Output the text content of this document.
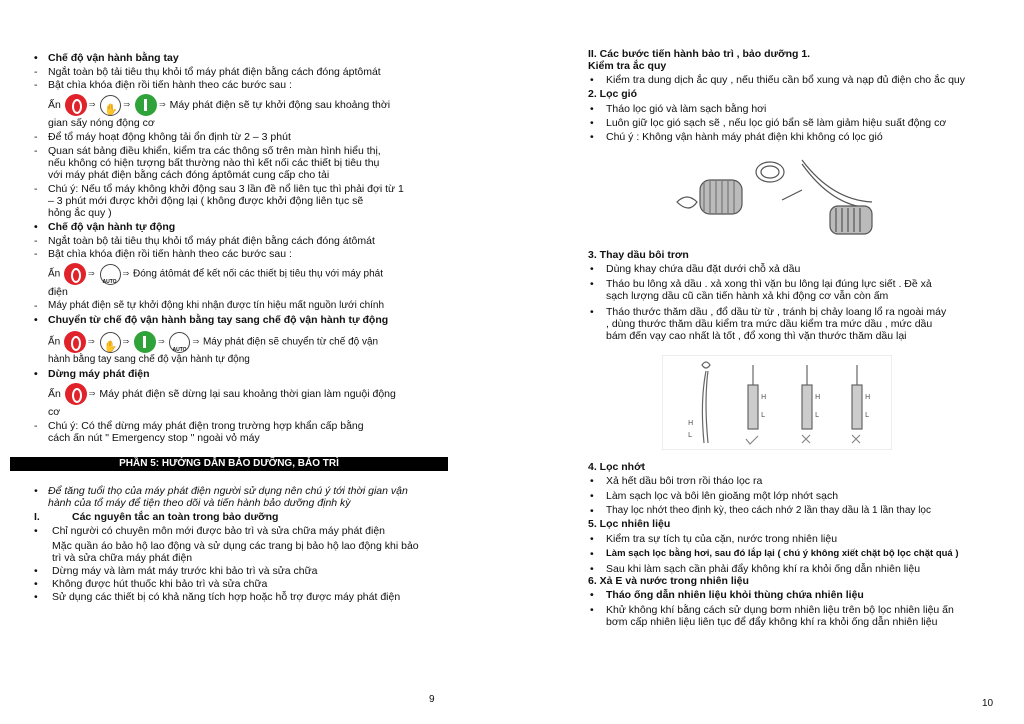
• Chế độ vận hành bằng tay
- Ngắt toàn bộ tải tiêu thụ khỏi tổ máy phát điện bằng cách đóng áptômát
- Bật chìa khóa điện rồi tiến hành theo các bước sau :
Ấn	⇒ ✋	⇒	⇒ Máy phát điện sẽ tự khởi động sau khoảng thời
gian sấy nóng động cơ
- Để tổ máy hoạt động không tải ổn định từ 2 – 3 phút
- Quan sát bảng điều khiển, kiểm tra các thông số trên màn hình hiểu thị,
nếu không có hiện tượng bất thường nào thì kết nối các thiết bị tiêu thụ
với máy phát điện bằng cách đóng áptômát cung cấp cho tải
- Chú ý: Nếu tổ máy không khởi động sau 3 lần đề nổ liên tục thì phải đợi từ 1
– 3 phút mới được khởi động lại ( không được khởi động liên tục sẽ
hỏng ắc quy )
• Chế độ vận hành tự động
- Ngắt toàn bộ tải tiêu thụ khỏi tổ máy phát điện bằng cách đóng átômát
- Bật chìa khóa điện rồi tiến hành theo các bước sau :
Ấn	⇒ AUTO	⇒ Đóng átômát để kết nối các thiết bị tiêu thụ với máy phát
điện
- Máy phát điện sẽ tự khởi động khi nhận được tín hiệu mất nguồn lưới chính
• Chuyển từ chế độ vận hành bằng tay sang chế độ vận hành tự động
Ấn	⇒ ✋	⇒	⇒ AUTO	⇒ Máy phát điện sẽ chuyển từ chế độ vận
hành bằng tay sang chế độ vận hành tự động
• Dừng máy phát điện
Ấn	⇒ Máy phát điện sẽ dừng lại sau khoảng thời gian làm nguội động
cơ
- Chú ý: Có thể dừng máy phát điện trong trường hợp khẩn cấp bằng
cách ấn nút " Emergency stop " ngoài vỏ máy
PHẦN 5: HƯỚNG DẪN BẢO DƯỠNG, BẢO TRÌ
• Để tăng tuổi thọ của máy phát điện người sử dụng nên chú ý tới thời gian vận
hành của tổ máy để tiện theo dõi và tiến hành bảo dưỡng định kỳ
I.	Các nguyên tắc an toàn trong bảo dưỡng
• Chỉ người có chuyên môn mới được bảo trì và sửa chữa máy phát điện
Mặc quần áo bảo hộ lao động và sử dụng các trang bị bảo hộ lao động khi bảo
trì và sửa chữa máy phát điện
• Dừng máy và làm mát máy trước khi bảo trì và sửa chữa
• Không được hút thuốc khi bảo trì và sửa chữa
• Sử dụng các thiết bị có khả năng tích hợp hoặc hỗ trợ được máy phát điện
9
II. Các bước tiến hành bảo trì , bảo dưỡng 1.
Kiểm tra ắc quy
• Kiểm tra dung dịch ắc quy , nếu thiếu cần bổ xung và nạp đủ điện cho ắc quy
2. Lọc gió
• Tháo lọc gió và làm sạch bằng hơi
• Luôn giữ lọc gió sạch sẽ , nếu lọc gió bẩn sẽ làm giảm hiệu suất động cơ
• Chú ý : Không vận hành máy phát điện khi không có lọc gió
3. Thay dầu bôi trơn
• Dùng khay chứa dầu đặt dưới chỗ xả dầu
• Tháo bu lông xả dầu . xả xong thì vặn bu lông lại đúng lực siết . Đề xả
sạch lượng dầu cũ cần tiến hành xả khi động cơ vẫn còn ấm
• Tháo thước thăm dầu , đổ dầu từ từ , tránh bị chảy loang lổ ra ngoài máy
, dùng thước thăm dầu kiểm tra mức dầu kiểm tra mức dầu , mức dầu
bám đến vạy cao nhất là tốt , đổ xong thì vặn thước thăm dầu lại
H
L
H
L
H
L
H
L
4. Lọc nhớt
• Xả hết dầu bôi trơn rồi tháo lọc ra
• Làm sạch lọc và bôi lên gioăng một lớp nhớt sạch
• Thay lọc nhớt theo định kỳ, theo cách nhớ 2 lần thay dầu là 1 lần thay lọc
5. Lọc nhiên liệu
• Kiểm tra sự tích tụ của cặn, nước trong nhiên liệu
• Làm sạch lọc bằng hơi, sau đó lắp lại ( chú ý không xiết chặt bộ lọc chặt quá )
• Sau khi làm sạch cần phải đẩy không khí ra khỏi ống dẫn nhiên liệu
6. Xả E và nước trong nhiên liệu
• Tháo ống dẫn nhiên liệu khỏi thùng chứa nhiên liệu
• Khử không khí bằng cách sử dụng bơm nhiên liệu trên bộ lọc nhiên liệu ấn
bơm cấp nhiên liệu liên tục để đẩy không khí ra khỏi ống dẫn nhiên liệu
10
